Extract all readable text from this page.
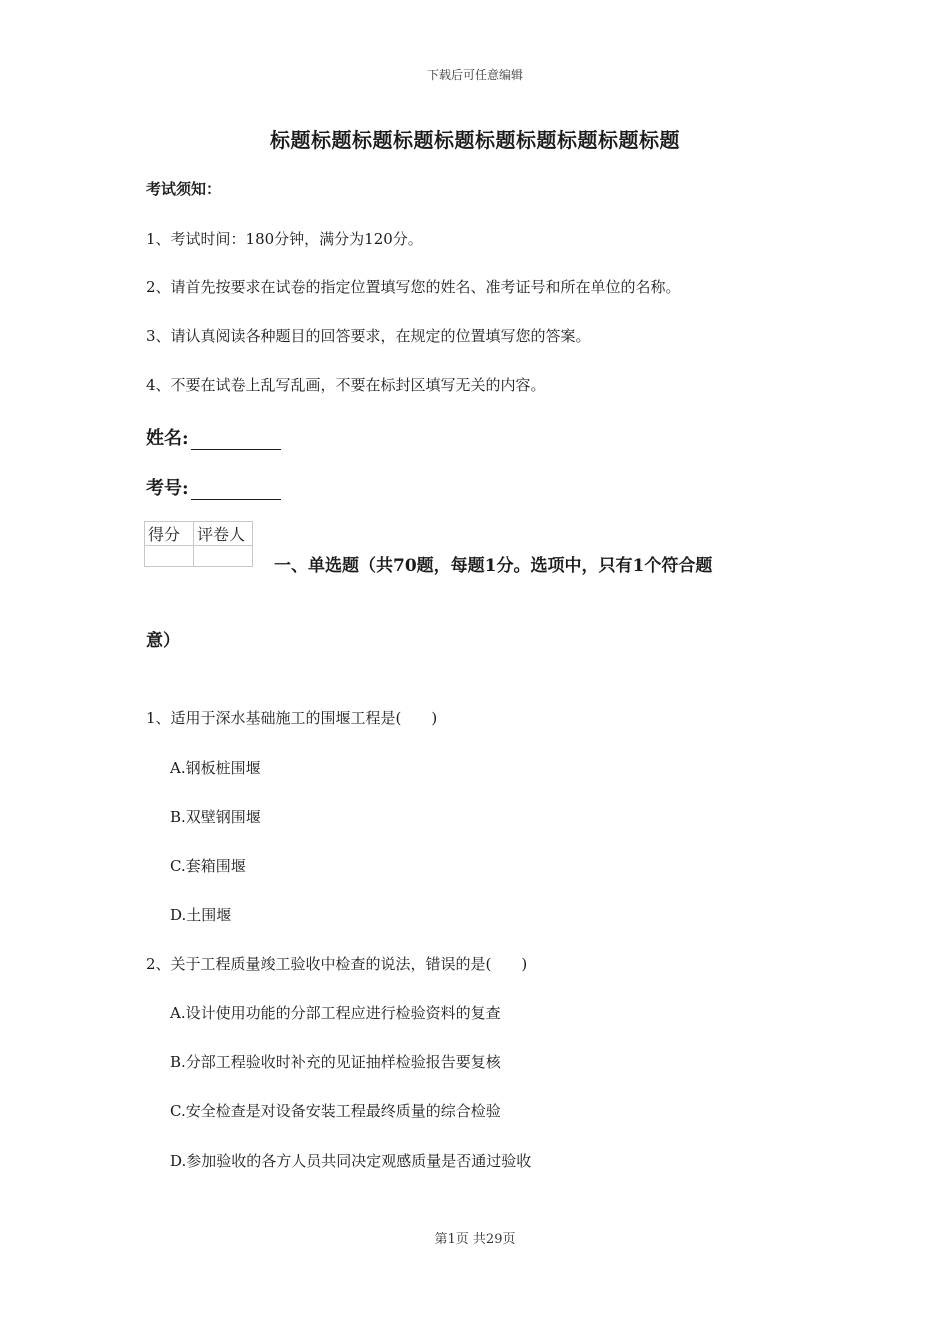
下载后可任意编辑
标题标题标题标题标题标题标题标题标题标题
考试须知：
1、考试时间：180分钟，满分为120分。
2、请首先按要求在试卷的指定位置填写您的姓名、准考证号和所在单位的名称。
3、请认真阅读各种题目的回答要求，在规定的位置填写您的答案。
4、不要在试卷上乱写乱画，不要在标封区填写无关的内容。
姓名:
考号:
得分	评卷人

一、单选题（共70题，每题1分。选项中，只有1个符合题
意）
1、适用于深水基础施工的围堰工程是(　　)
A.钢板桩围堰
B.双壁钢围堰
C.套箱围堰
D.土围堰
2、关于工程质量竣工验收中检查的说法，错误的是(　　)
A.设计使用功能的分部工程应进行检验资料的复查
B.分部工程验收时补充的见证抽样检验报告要复核
C.安全检查是对设备安装工程最终质量的综合检验
D.参加验收的各方人员共同决定观感质量是否通过验收
第1页 共29页
